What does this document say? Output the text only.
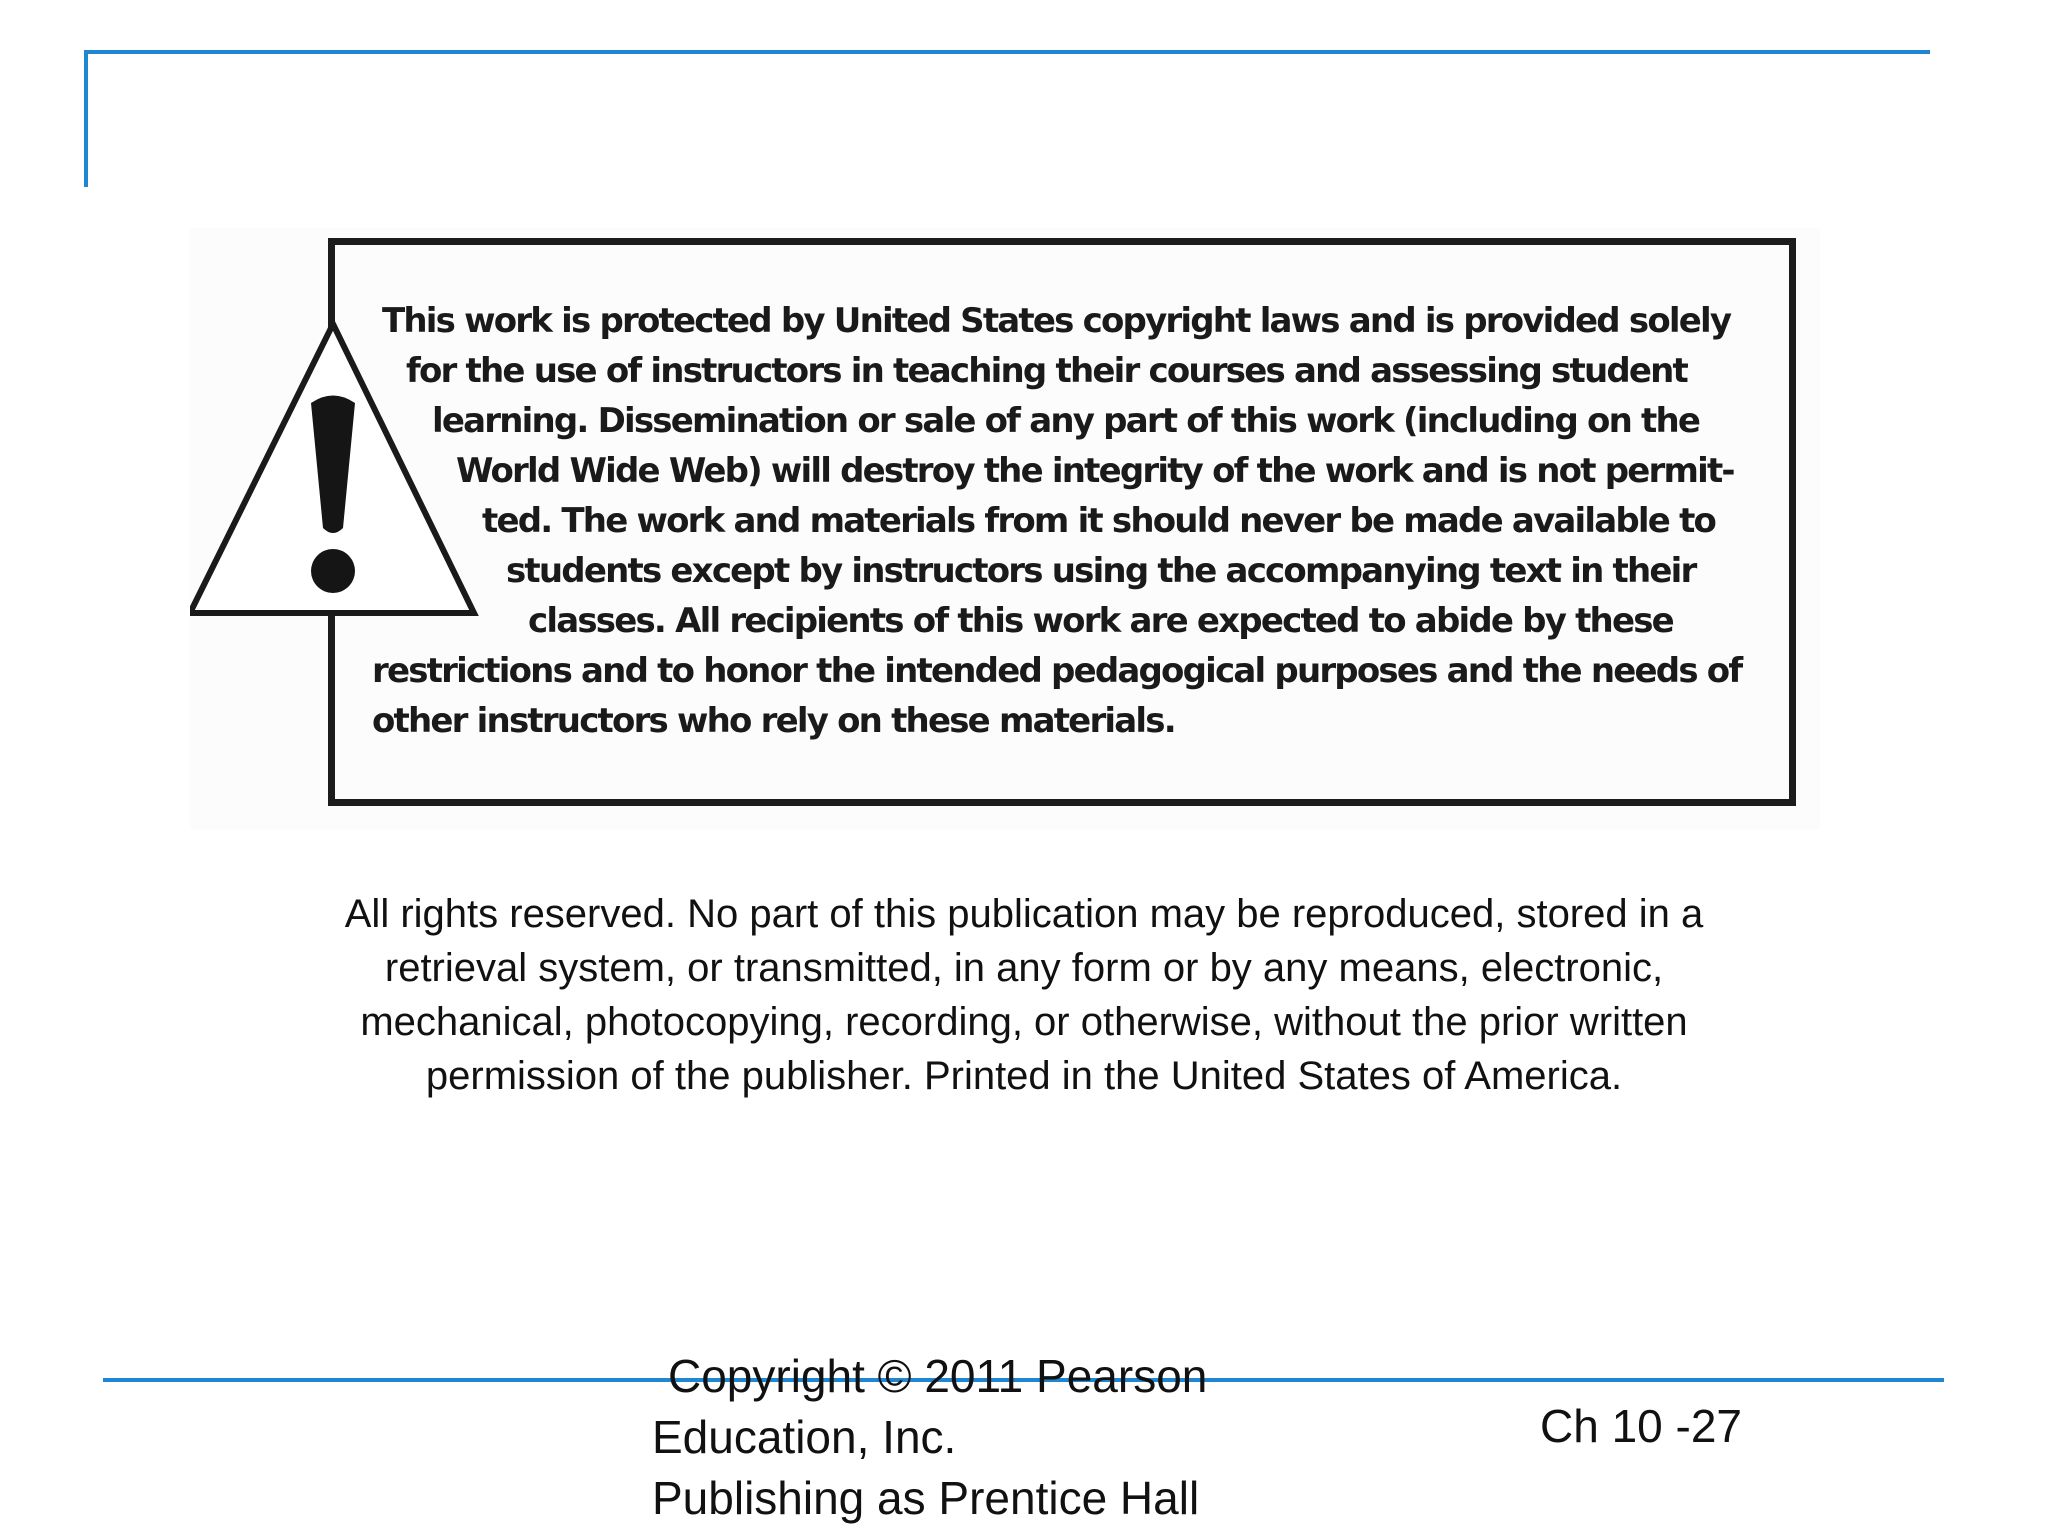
This work is protected by United States copyright laws and is provided solely
for the use of instructors in teaching their courses and assessing student
learning. Dissemination or sale of any part of this work (including on the
World Wide Web) will destroy the integrity of the work and is not permit-
ted. The work and materials from it should never be made available to
students except by instructors using the accompanying text in their
classes. All recipients of this work are expected to abide by these
restrictions and to honor the intended pedagogical purposes and the needs of
other instructors who rely on these materials.
All rights reserved. No part of this publication may be reproduced, stored in a
retrieval system, or transmitted, in any form or by any means, electronic,
mechanical, photocopying, recording, or otherwise, without the prior written
permission of the publisher. Printed in the United States of America.
Copyright © 2011 Pearson
Education, Inc.
Publishing as Prentice Hall
Ch 10 -27
